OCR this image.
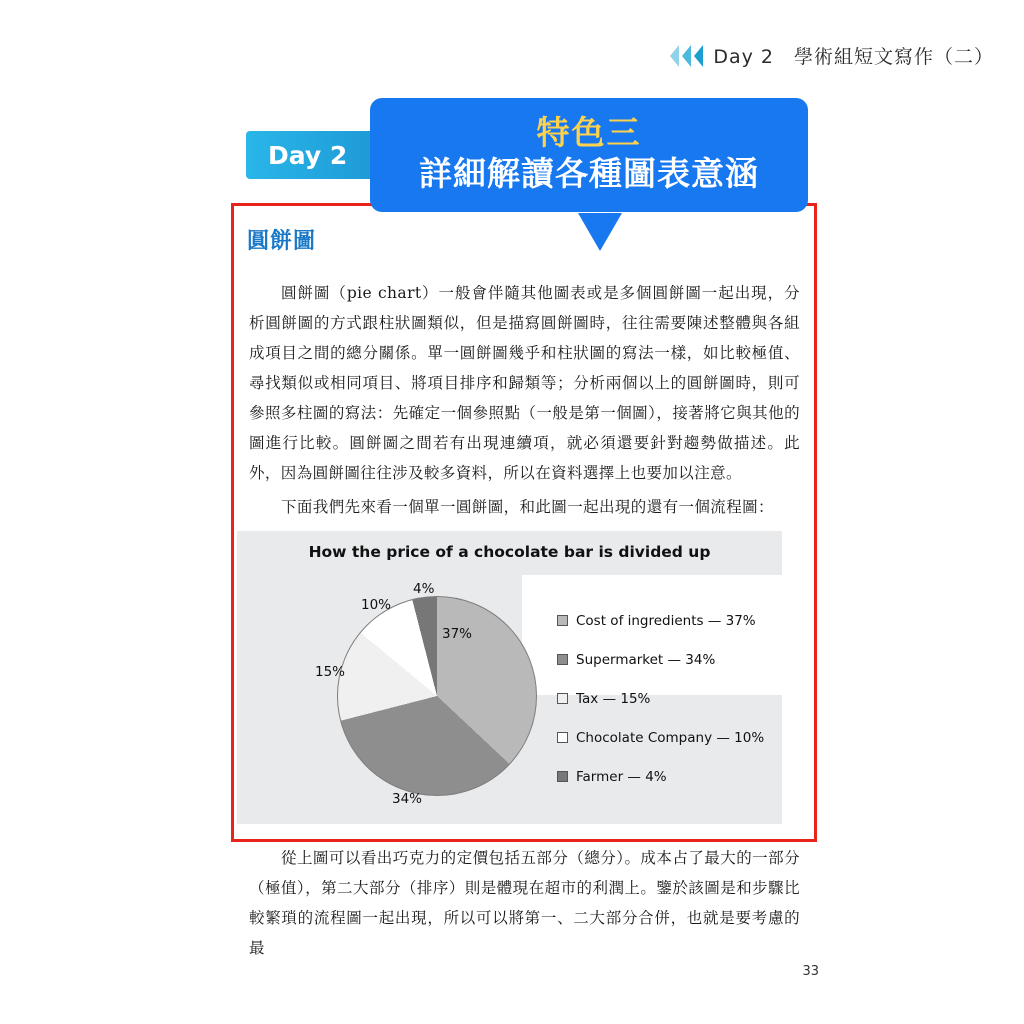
Day 2　學術組短文寫作（二）
Day 2
特色三
詳細解讀各種圖表意涵
圓餅圖
圓餅圖（pie chart）一般會伴隨其他圖表或是多個圓餅圖一起出現，分析圓餅圖的方式跟柱狀圖類似，但是描寫圓餅圖時，往往需要陳述整體與各組成項目之間的總分關係。單一圓餅圖幾乎和柱狀圖的寫法一樣，如比較極值、尋找類似或相同項目、將項目排序和歸類等；分析兩個以上的圓餅圖時，則可參照多柱圖的寫法：先確定一個參照點（一般是第一個圖），接著將它與其他的圖進行比較。圓餅圖之間若有出現連續項，就必須還要針對趨勢做描述。此外，因為圓餅圖往往涉及較多資料，所以在資料選擇上也要加以注意。
下面我們先來看一個單一圓餅圖，和此圖一起出現的還有一個流程圖：
從上圖可以看出巧克力的定價包括五部分（總分）。成本占了最大的一部分（極值），第二大部分（排序）則是體現在超市的利潤上。鑒於該圖是和步驟比較繁瑣的流程圖一起出現，所以可以將第一、二大部分合併，也就是要考慮的最
How the price of a chocolate bar is divided up
37%
34%
15%
10%
4%
Cost of ingredients — 37%
Supermarket — 34%
Tax — 15%
Chocolate Company — 10%
Farmer — 4%
33
